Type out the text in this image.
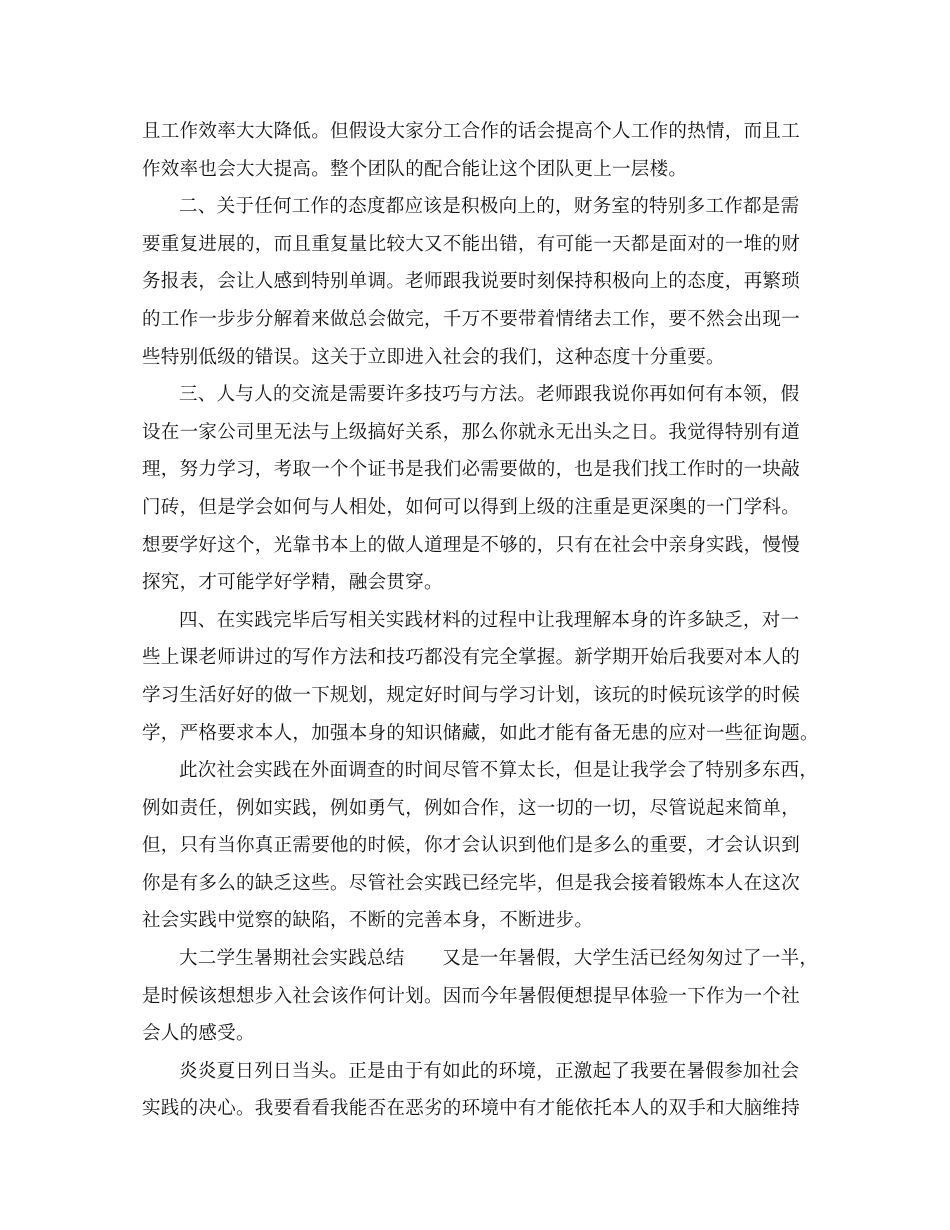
且工作效率大大降低。但假设大家分工合作的话会提高个人工作的热情，而且工
作效率也会大大提高。整个团队的配合能让这个团队更上一层楼。
二、关于任何工作的态度都应该是积极向上的，财务室的特别多工作都是需
要重复进展的，而且重复量比较大又不能出错，有可能一天都是面对的一堆的财
务报表，会让人感到特别单调。老师跟我说要时刻保持积极向上的态度，再繁琐
的工作一步步分解着来做总会做完，千万不要带着情绪去工作，要不然会出现一
些特别低级的错误。这关于立即进入社会的我们，这种态度十分重要。
三、人与人的交流是需要许多技巧与方法。老师跟我说你再如何有本领，假
设在一家公司里无法与上级搞好关系，那么你就永无出头之日。我觉得特别有道
理，努力学习，考取一个个证书是我们必需要做的，也是我们找工作时的一块敲
门砖，但是学会如何与人相处，如何可以得到上级的注重是更深奥的一门学科。
想要学好这个，光靠书本上的做人道理是不够的，只有在社会中亲身实践，慢慢
探究，才可能学好学精，融会贯穿。
四、在实践完毕后写相关实践材料的过程中让我理解本身的许多缺乏，对一
些上课老师讲过的写作方法和技巧都没有完全掌握。新学期开始后我要对本人的
学习生活好好的做一下规划，规定好时间与学习计划，该玩的时候玩该学的时候
学，严格要求本人，加强本身的知识储藏，如此才能有备无患的应对一些征询题。
此次社会实践在外面调查的时间尽管不算太长，但是让我学会了特别多东西，
例如责任，例如实践，例如勇气，例如合作，这一切的一切，尽管说起来简单，
但，只有当你真正需要他的时候，你才会认识到他们是多么的重要，才会认识到
你是有多么的缺乏这些。尽管社会实践已经完毕，但是我会接着锻炼本人在这次
社会实践中觉察的缺陷，不断的完善本身，不断进步。
大二学生暑期社会实践总结　　又是一年暑假，大学生活已经匆匆过了一半，
是时候该想想步入社会该作何计划。因而今年暑假便想提早体验一下作为一个社
会人的感受。
炎炎夏日列日当头。正是由于有如此的环境，正激起了我要在暑假参加社会
实践的决心。我要看看我能否在恶劣的环境中有才能依托本人的双手和大脑维持
